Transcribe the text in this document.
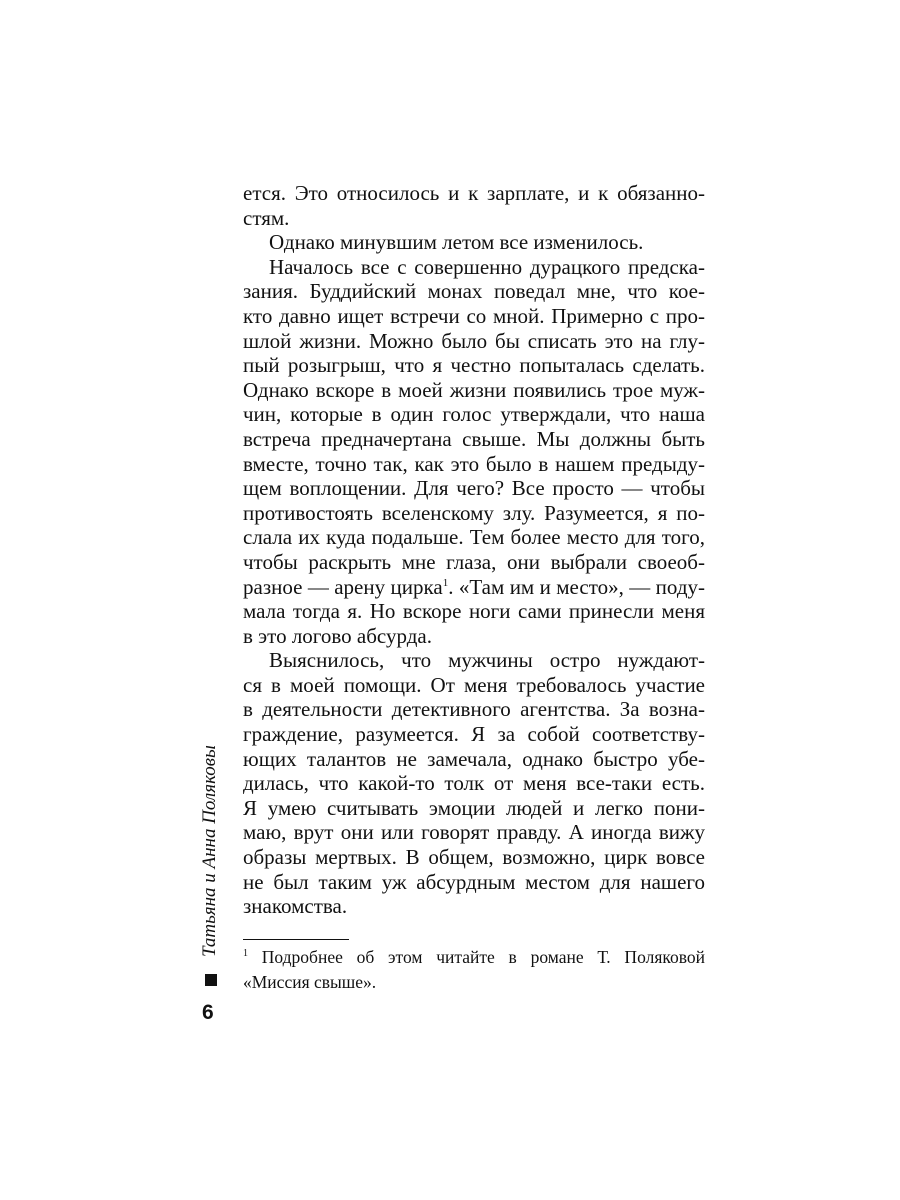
ется. Это относилось и к зарплате, и к обязанно-
стям.
Однако минувшим летом все изменилось.
Началось все с совершенно дурацкого предска-
зания. Буддийский монах поведал мне, что кое-
кто давно ищет встречи со мной. Примерно с про-
шлой жизни. Можно было бы списать это на глу-
пый розыгрыш, что я честно попыталась сделать.
Однако вскоре в моей жизни появились трое муж-
чин, которые в один голос утверждали, что наша
встреча предначертана свыше. Мы должны быть
вместе, точно так, как это было в нашем предыду-
щем воплощении. Для чего? Все просто — чтобы
противостоять вселенскому злу. Разумеется, я по-
слала их куда подальше. Тем более место для того,
чтобы раскрыть мне глаза, они выбрали своеоб-
разное — арену цирка$^1$. «Там им и место», — поду-
мала тогда я. Но вскоре ноги сами принесли меня
в это логово абсурда.
Выяснилось, что мужчины остро нуждают-
ся в моей помощи. От меня требовалось участие
в деятельности детективного агентства. За возна-
граждение, разумеется. Я за собой соответству-
ющих талантов не замечала, однако быстро убе-
дилась, что какой-то толк от меня все-таки есть.
Я умею считывать эмоции людей и легко пони-
маю, врут они или говорят правду. А иногда вижу
образы мертвых. В общем, возможно, цирк вовсе
не был таким уж абсурдным местом для нашего
знакомства.
$^1$ Подробнее об этом читайте в романе Т. Поляковой
«Миссия свыше».
Татьяна и Анна Поляковы
6
